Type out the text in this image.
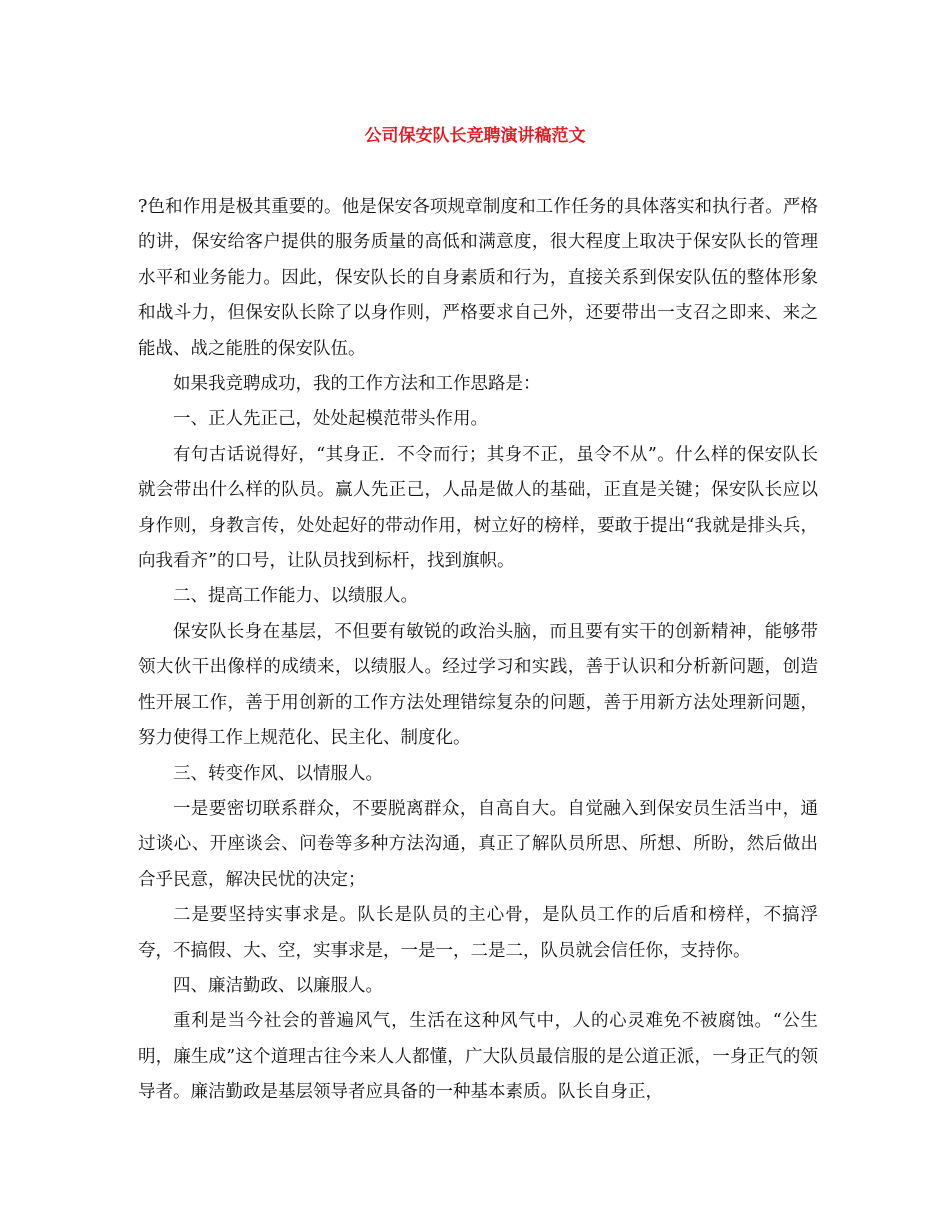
公司保安队长竞聘演讲稿范文

?色和作用是极其重要的。他是保安各项规章制度和工作任务的具体落实和执行者。严格的讲，保安给客户提供的服务质量的高低和满意度，很大程度上取决于保安队长的管理水平和业务能力。因此，保安队长的自身素质和行为，直接关系到保安队伍的整体形象和战斗力，但保安队长除了以身作则，严格要求自己外，还要带出一支召之即来、来之能战、战之能胜的保安队伍。

如果我竞聘成功，我的工作方法和工作思路是：

一、正人先正己，处处起模范带头作用。

有句古话说得好，“其身正．不令而行；其身不正，虽令不从”。什么样的保安队长就会带出什么样的队员。赢人先正己，人品是做人的基础，正直是关键；保安队长应以身作则，身教言传，处处起好的带动作用，树立好的榜样，要敢于提出“我就是排头兵，向我看齐”的口号，让队员找到标杆，找到旗帜。

二、提高工作能力、以绩服人。

保安队长身在基层，不但要有敏锐的政治头脑，而且要有实干的创新精神，能够带领大伙干出像样的成绩来，以绩服人。经过学习和实践，善于认识和分析新问题，创造性开展工作，善于用创新的工作方法处理错综复杂的问题，善于用新方法处理新问题，努力使得工作上规范化、民主化、制度化。

三、转变作风、以情服人。

一是要密切联系群众，不要脱离群众，自高自大。自觉融入到保安员生活当中，通过谈心、开座谈会、问卷等多种方法沟通，真正了解队员所思、所想、所盼，然后做出合乎民意，解决民忧的决定；

二是要坚持实事求是。队长是队员的主心骨，是队员工作的后盾和榜样，不搞浮夸，不搞假、大、空，实事求是，一是一，二是二，队员就会信任你，支持你。

四、廉洁勤政、以廉服人。

重利是当今社会的普遍风气，生活在这种风气中，人的心灵难免不被腐蚀。“公生明，廉生成”这个道理古往今来人人都懂，广大队员最信服的是公道正派，一身正气的领导者。廉洁勤政是基层领导者应具备的一种基本素质。队长自身正，
